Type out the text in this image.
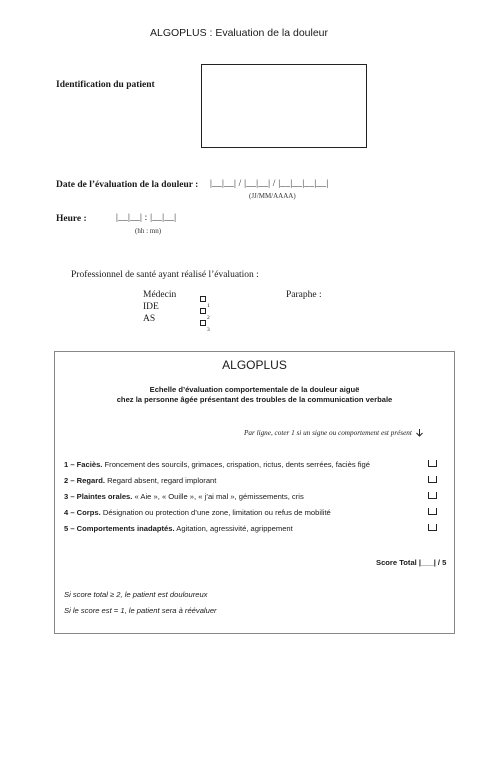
ALGOPLUS : Evaluation de la douleur
Identification du patient
Date de l’évaluation de la douleur : |__|__| / |__|__| / |__|__|__|__|
(JJ/MM/AAAA)
Heure :	|__|__| : |__|__|
(hh : mn)
Professionnel de santé ayant réalisé l’évaluation :
Médecin
$_1$
IDE
$_2$
AS
$_3$
Paraphe :
ALGOPLUS
Echelle d’évaluation comportementale de la douleur aiguë
chez la personne âgée présentant des troubles de la communication verbale
Par ligne, coter 1 si un signe ou comportement est présent
1 – Faciès. Froncement des sourcils, grimaces, crispation, rictus, dents serrées, faciès figé
2 – Regard. Regard absent, regard implorant
3 – Plaintes orales. « Aie », « Ouille », « j’ai mal », gémissements, cris
4 – Corps. Désignation ou protection d’une zone, limitation ou refus de mobilité
5 – Comportements inadaptés. Agitation, agressivité, agrippement
Score Total |___| / 5
Si score total ≥ 2, le patient est douloureux
Si le score est = 1, le patient sera à réévaluer
